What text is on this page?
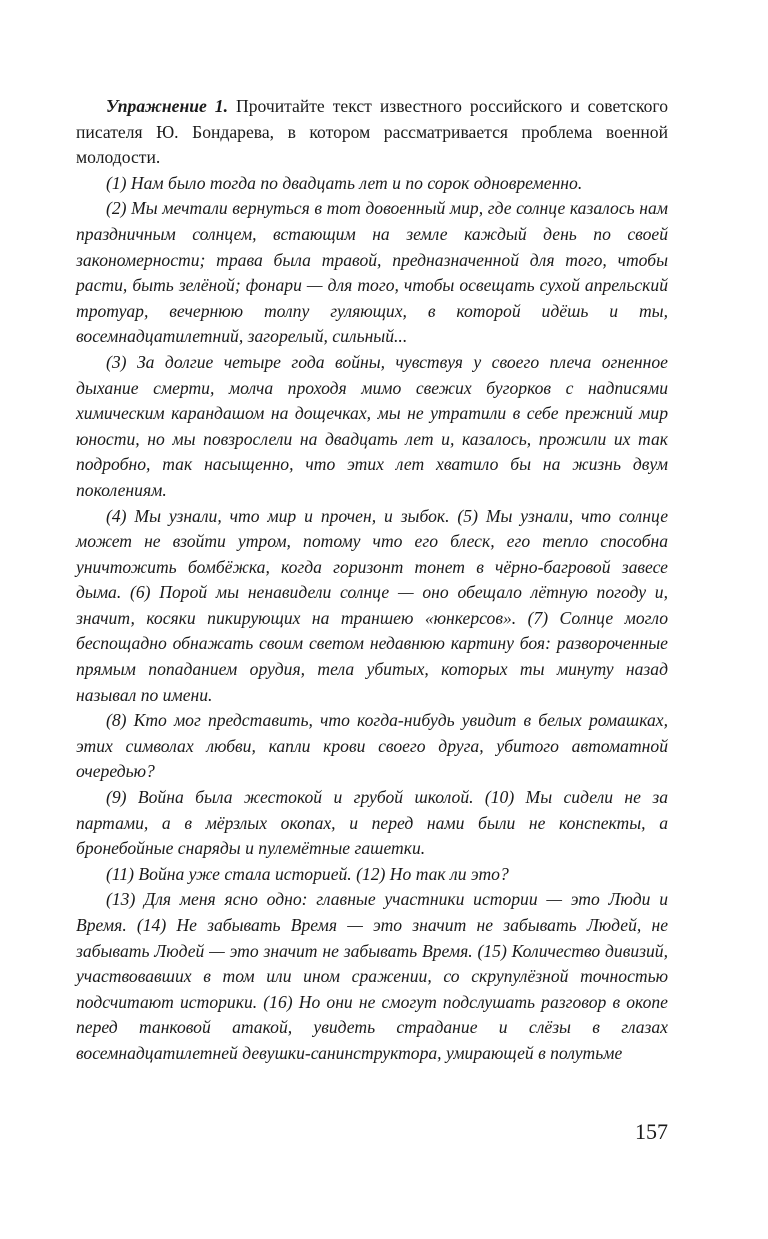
Упражнение 1. Прочитайте текст известного российского и советского писателя Ю. Бондарева, в котором рассматривается проблема военной молодости.

(1) Нам было тогда по двадцать лет и по сорок одновременно.

(2) Мы мечтали вернуться в тот довоенный мир, где солнце казалось нам праздничным солнцем, встающим на земле каждый день по своей закономерности; трава была травой, предназначенной для того, чтобы расти, быть зелёной; фонари — для того, чтобы освещать сухой апрельский тротуар, вечернюю толпу гуляющих, в которой идёшь и ты, восемнадцатилетний, загорелый, сильный...

(3) За долгие четыре года войны, чувствуя у своего плеча огненное дыхание смерти, молча проходя мимо свежих бугорков с надписями химическим карандашом на дощечках, мы не утратили в себе прежний мир юности, но мы повзрослели на двадцать лет и, казалось, прожили их так подробно, так насыщенно, что этих лет хватило бы на жизнь двум поколениям.

(4) Мы узнали, что мир и прочен, и зыбок. (5) Мы узнали, что солнце может не взойти утром, потому что его блеск, его тепло способна уничтожить бомбёжка, когда горизонт тонет в чёрно-багровой завесе дыма. (6) Порой мы ненавидели солнце — оно обещало лётную погоду и, значит, косяки пикирующих на траншею «юнкерсов». (7) Солнце могло беспощадно обнажать своим светом недавнюю картину боя: развороченные прямым попаданием орудия, тела убитых, которых ты минуту назад называл по имени.

(8) Кто мог представить, что когда-нибудь увидит в белых ромашках, этих символах любви, капли крови своего друга, убитого автоматной очередью?

(9) Война была жестокой и грубой школой. (10) Мы сидели не за партами, а в мёрзлых окопах, и перед нами были не конспекты, а бронебойные снаряды и пулемётные гашетки.

(11) Война уже стала историей. (12) Но так ли это?

(13) Для меня ясно одно: главные участники истории — это Люди и Время. (14) Не забывать Время — это значит не забывать Людей, не забывать Людей — это значит не забывать Время. (15) Количество дивизий, участвовавших в том или ином сражении, со скрупулёзной точностью подсчитают историки. (16) Но они не смогут подслушать разговор в окопе перед танковой атакой, увидеть страдание и слёзы в глазах восемнадцатилетней девушки-санинструктора, умирающей в полутьме

157
